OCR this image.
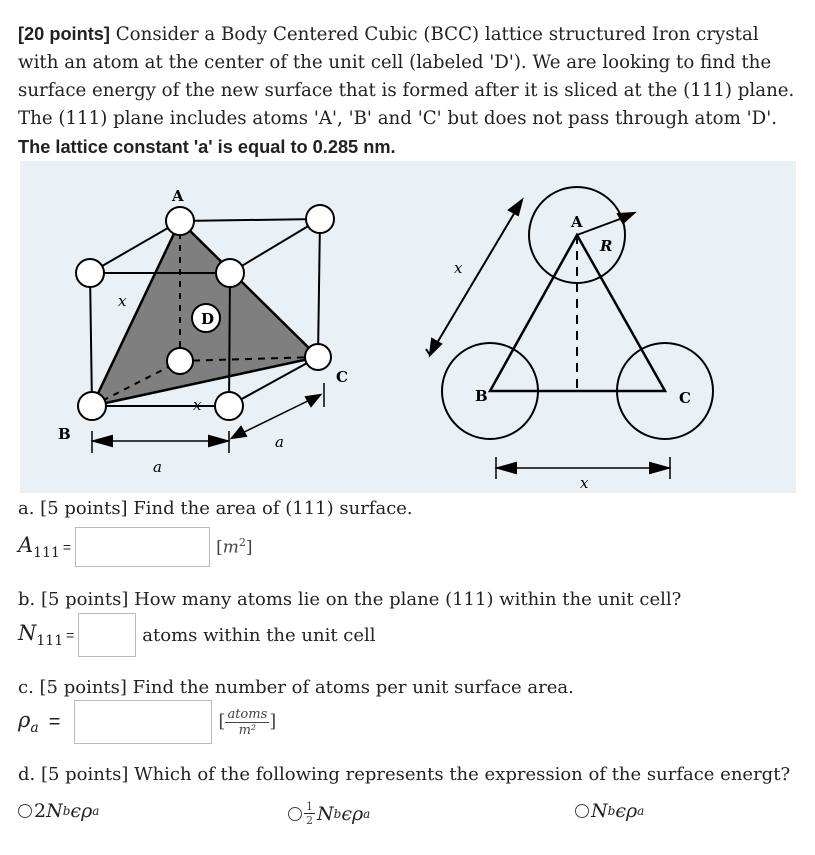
[20 points] Consider a Body Centered Cubic (BCC) lattice structured Iron crystal with an atom at the center of the unit cell (labeled 'D'). We are looking to find the surface energy of the new surface that is formed after it is sliced at the (111) plane. The (111) plane includes atoms 'A', 'B' and 'C' but does not pass through atom 'D'. The lattice constant 'a' is equal to 0.285 nm.
A
B
C
D
x
x
a
a
A
B	C
R
x
x
a. [5 points] Find the area of (111) surface.
$A_{111}$ =	$[m^2]$
b. [5 points] How many atoms lie on the plane (111) within the unit cell?
$N_{111}$ =	atoms within the unit cell
c. [5 points] Find the number of atoms per unit surface area.
$\rho_a$ =	[ $\frac{\text{atoms}}{\text{m²}}$ ]
d. [5 points] Which of the following represents the expression of the surface energt?
2 N b ϵ ρ a	$\frac{1}{2}$ N b ϵ ρ a	N b ϵ ρ a
